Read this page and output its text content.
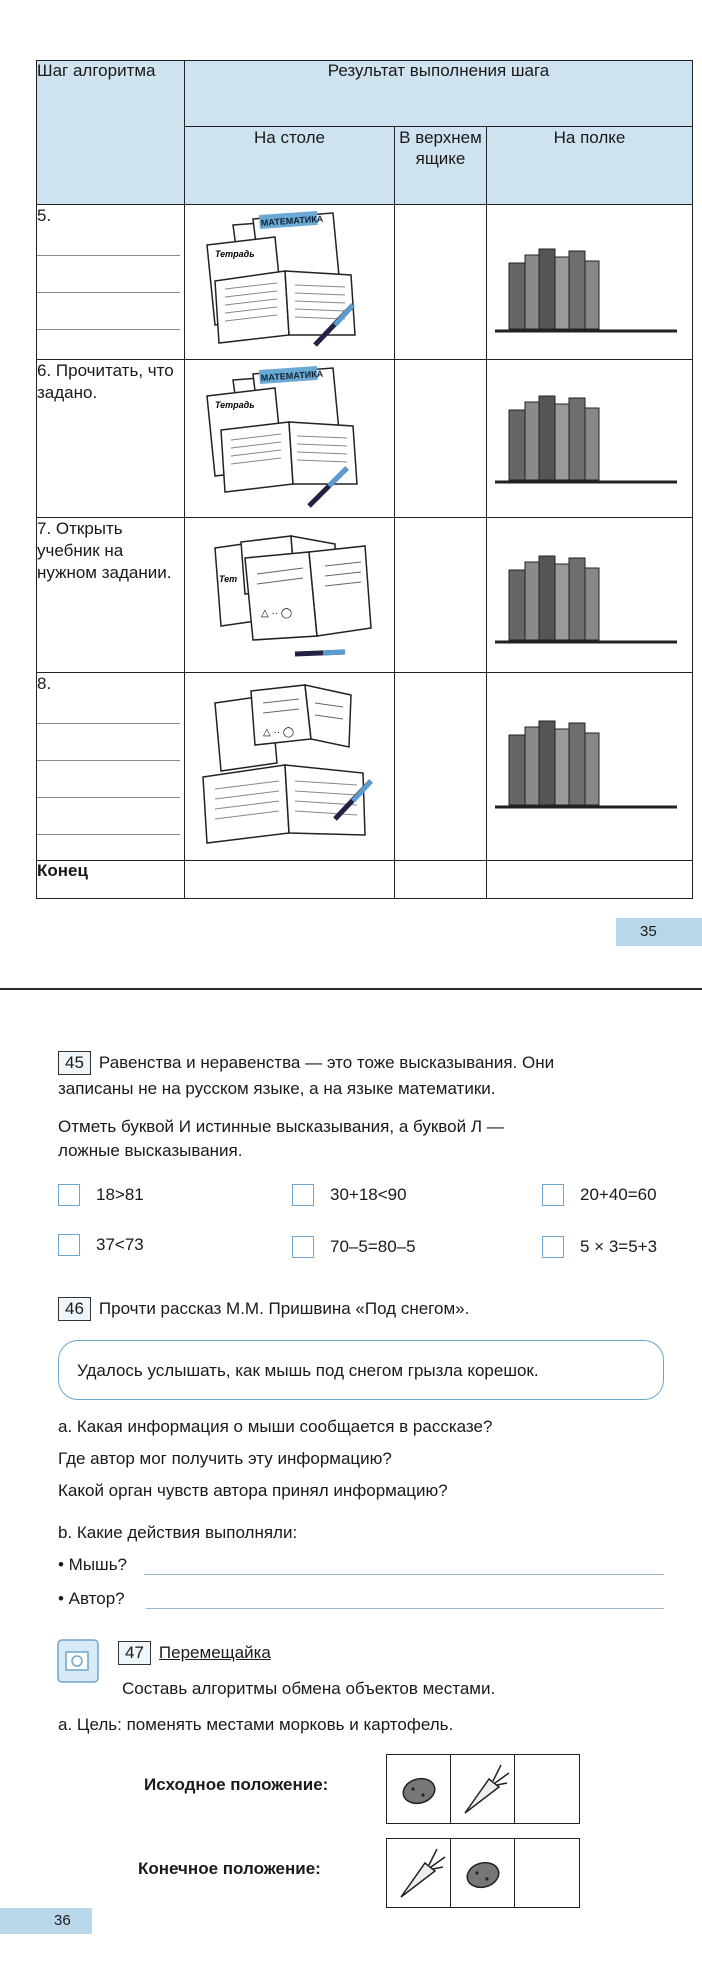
Шаг алгоритма	Результат выполнения шага		
	На столе	В верхнем ящике	На полке

5.	МАТЕМАТИКА
Тетрадь

6. Прочитать, что задано.	МАТЕМАТИКА
Тетрадь

7. Открыть учебник на нужном задании.	Тет
△ ·· ◯

8.	△ ·· ◯

Конец			
35
45 Равенства и неравенства — это тоже высказывания. Они
записаны не на русском языке, а на языке математики.
Отметь буквой И истинные высказывания, а буквой Л —
ложные высказывания.
18>81	30+18<90	20+40=60
37<73	70–5=80–5	5 × 3=5+3
46 Прочти рассказ М.М. Пришвина «Под снегом».
Удалось услышать, как мышь под снегом грызла корешок.
a. Какая информация о мыши сообщается в рассказе?
Где автор мог получить эту информацию?
Какой орган чувств автора принял информацию?
b. Какие действия выполняли:
• Мышь?
• Автор?
47 Перемещайка
Составь алгоритмы обмена объектов местами.
a. Цель: поменять местами морковь и картофель.
Исходное положение:
Конечное положение:
36
